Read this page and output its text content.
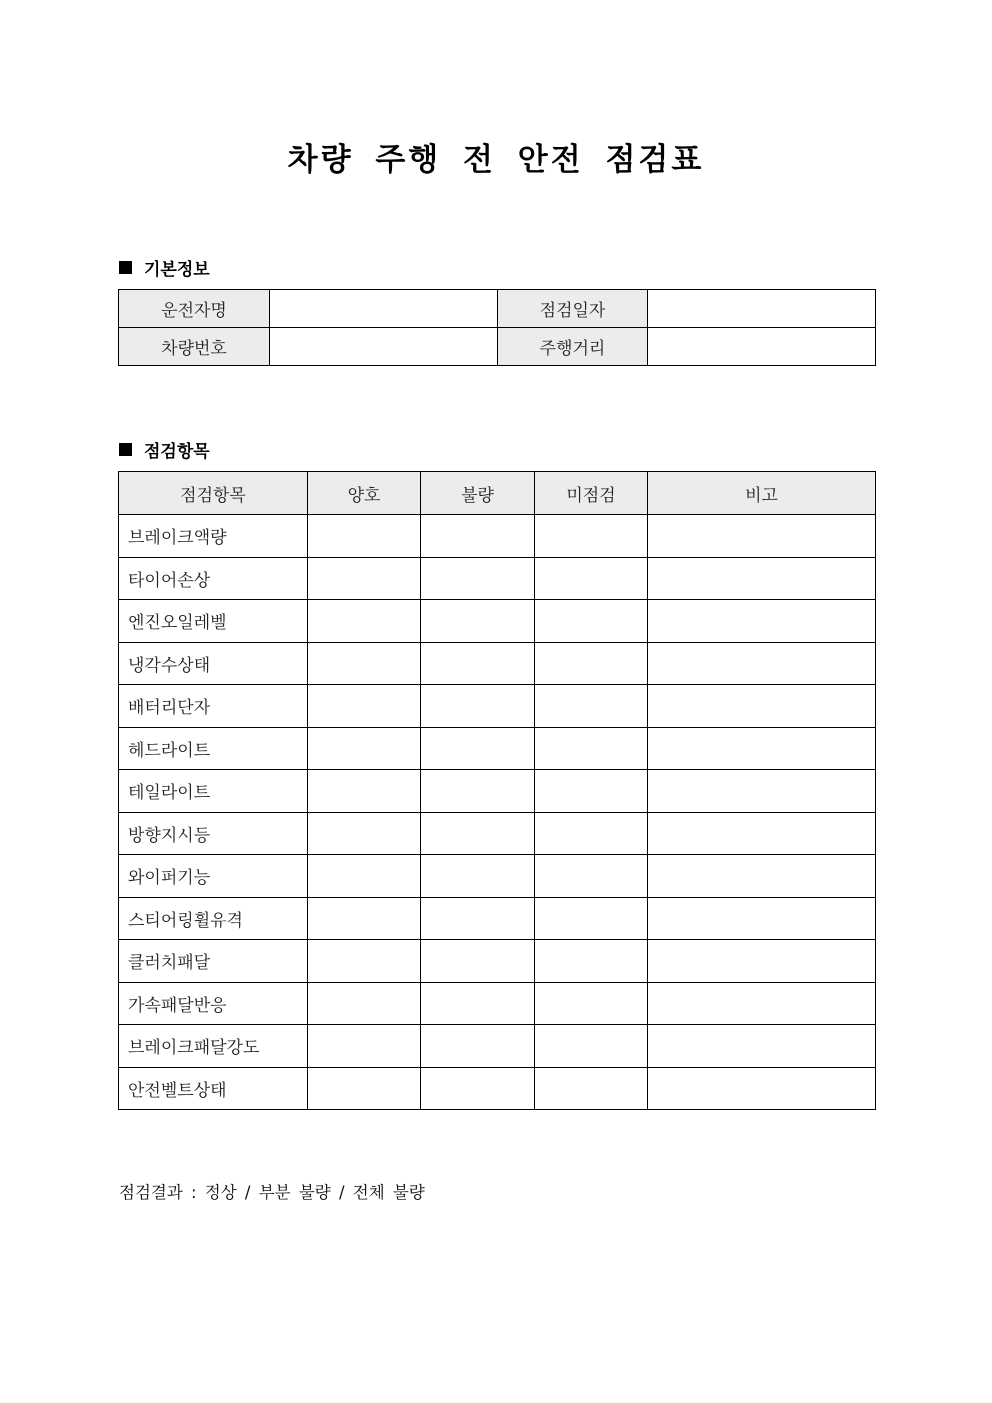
차량 주행 전 안전 점검표
기본정보
운전자명		점검일자	
차량번호		주행거리	
점검항목
점검항목	양호	불량	미점검	비고
브레이크액량				
타이어손상				
엔진오일레벨				
냉각수상태				
배터리단자				
헤드라이트				
테일라이트				
방향지시등				
와이퍼기능				
스티어링휠유격				
클러치패달				
가속패달반응				
브레이크패달강도				
안전벨트상태				
점검결과 : 정상 / 부분 불량 / 전체 불량
